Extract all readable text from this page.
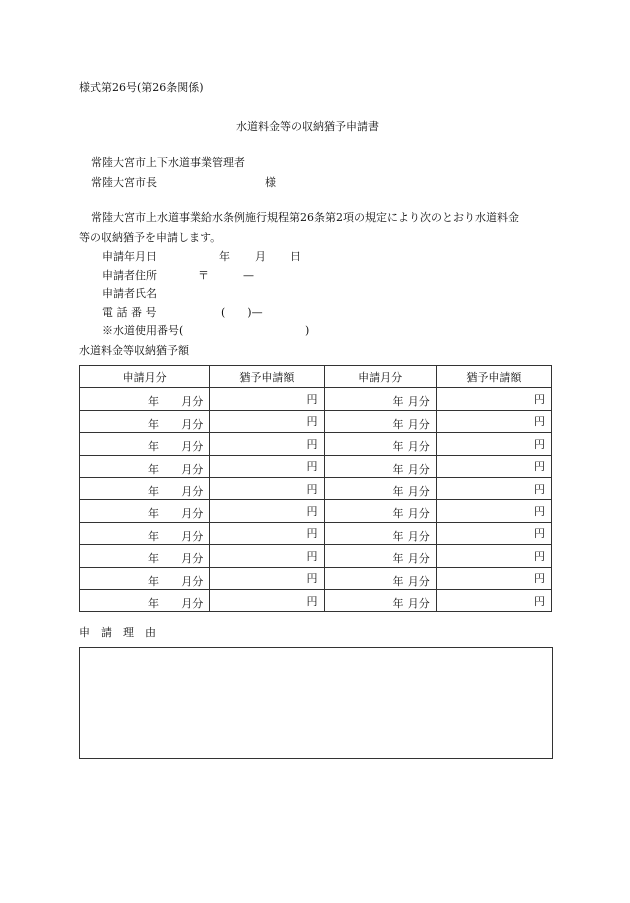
様式第26号(第26条関係)
水道料金等の収納猶予申請書
常陸大宮市上下水道事業管理者
常陸大宮市長	様
常陸大宮市上水道事業給水条例施行規程第26条第2項の規定により次のとおり水道料金
等の収納猶予を申請します。
申請年月日	年 月 日
申請者住所	〒	—
申請者氏名
電 話 番 号	(　　)—
※水道使用番号(	)
水道料金等収納猶予額
申請月分	猶予申請額	申請月分	猶予申請額

年 月分	円	年 月分	円

年 月分	円	年 月分	円

年 月分	円	年 月分	円

年 月分	円	年 月分	円

年 月分	円	年 月分	円

年 月分	円	年 月分	円

年 月分	円	年 月分	円

年 月分	円	年 月分	円

年 月分	円	年 月分	円

年 月分	円	年 月分	円
申　請　理　由
